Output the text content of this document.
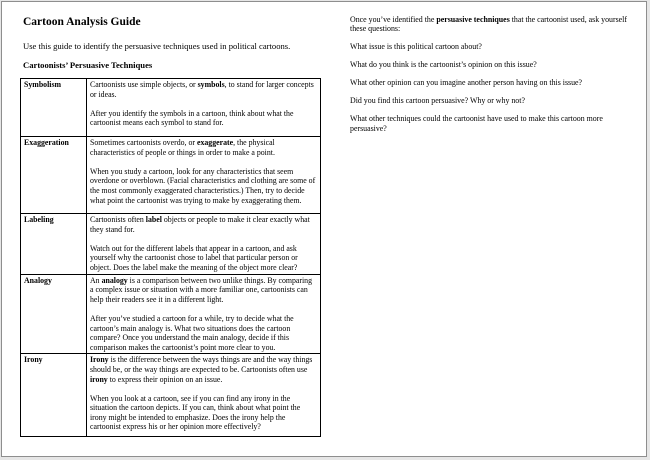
Cartoon Analysis Guide
Use this guide to identify the persuasive techniques used in political cartoons.
Cartoonists’ Persuasive Techniques
Symbolism	Cartoonists use simple objects, or symbols, to stand for larger concepts or ideas.

After you identify the symbols in a cartoon, think about what the cartoonist means each symbol to stand for.

Exaggeration	Sometimes cartoonists overdo, or exaggerate, the physical characteristics of people or things in order to make a point.

When you study a cartoon, look for any characteristics that seem overdone or overblown. (Facial characteristics and clothing are some of the most commonly exaggerated characteristics.) Then, try to decide what point the cartoonist was trying to make by exaggerating them.

Labeling	Cartoonists often label objects or people to make it clear exactly what they stand for.

Watch out for the different labels that appear in a cartoon, and ask yourself why the cartoonist chose to label that particular person or object. Does the label make the meaning of the object more clear?

Analogy	An analogy is a comparison between two unlike things. By comparing a complex issue or situation with a more familiar one, cartoonists can help their readers see it in a different light.

After you’ve studied a cartoon for a while, try to decide what the cartoon’s main analogy is. What two situations does the cartoon compare? Once you understand the main analogy, decide if this comparison makes the cartoonist’s point more clear to you.

Irony	Irony is the difference between the ways things are and the way things should be, or the way things are expected to be. Cartoonists often use irony to express their opinion on an issue.

When you look at a cartoon, see if you can find any irony in the situation the cartoon depicts. If you can, think about what point the irony might be intended to emphasize. Does the irony help the cartoonist express his or her opinion more effectively?

Once you’ve identified the persuasive techniques that the cartoonist used, ask yourself these questions:

What issue is this political cartoon about?

What do you think is the cartoonist’s opinion on this issue?

What other opinion can you imagine another person having on this issue?

Did you find this cartoon persuasive? Why or why not?

What other techniques could the cartoonist have used to make this cartoon more persuasive?
